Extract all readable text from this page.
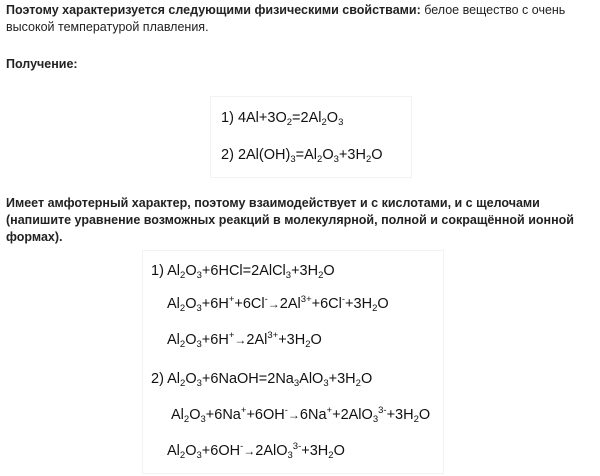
Поэтому характеризуется следующими физическими свойствами: белое вещество с очень высокой температурой плавления.
Получение:
1) $4Al+3O_2=2Al_2O_3$
2) $2Al(OH)_3=Al_2O_3+3H_2O$
Имеет амфотерный характер, поэтому взаимодействует и с кислотами, и с щелочами (напишите уравнение возможных реакций в молекулярной, полной и сокращённой ионной формах).
1) $Al_2O_3+6HCl=2AlCl_3+3H_2O$
$Al_2O_3+6H^++6Cl^-\to 2Al^{3+}+6Cl^-+3H_2O$
$Al_2O_3+6H^+\to 2Al^{3+}+3H_2O$
2) $Al_2O_3+6NaOH=2Na_3AlO_3+3H_2O$
$Al_2O_3+6Na^++6OH^-\to 6Na^++2AlO_3^{3-}+3H_2O$
$Al_2O_3+6OH^-\to 2AlO_3^{3-}+3H_2O$
